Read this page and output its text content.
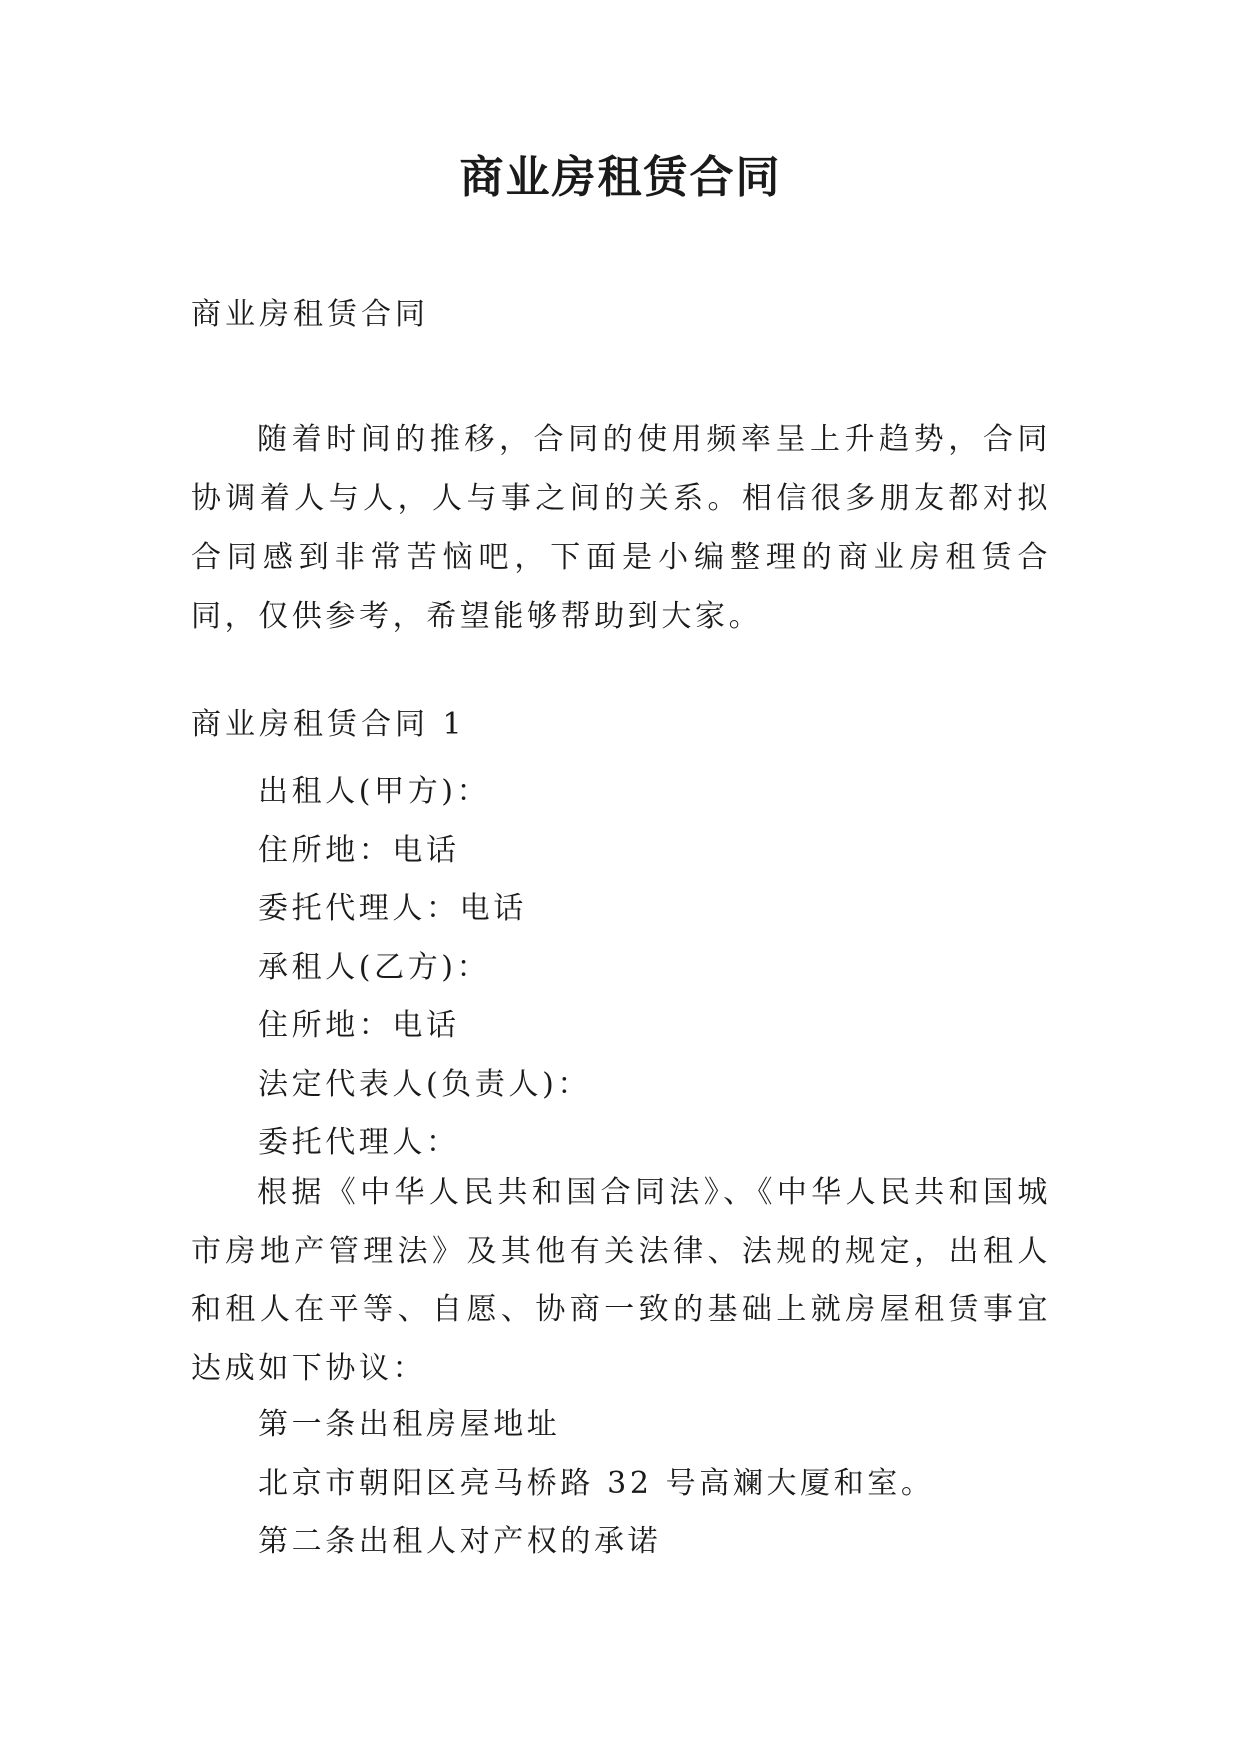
商业房租赁合同

商业房租赁合同

随着时间的推移，合同的使用频率呈上升趋势，合同协调着人与人，人与事之间的关系。相信很多朋友都对拟合同感到非常苦恼吧，下面是小编整理的商业房租赁合同，仅供参考，希望能够帮助到大家。

商业房租赁合同 1

出租人(甲方)：
住所地：电话
委托代理人：电话
承租人(乙方)：
住所地：电话
法定代表人(负责人)：
委托代理人：

根据《中华人民共和国合同法》、《中华人民共和国城市房地产管理法》及其他有关法律、法规的规定，出租人和租人在平等、自愿、协商一致的基础上就房屋租赁事宜达成如下协议：

第一条出租房屋地址
北京市朝阳区亮马桥路 32 号高斓大厦和室。
第二条出租人对产权的承诺
